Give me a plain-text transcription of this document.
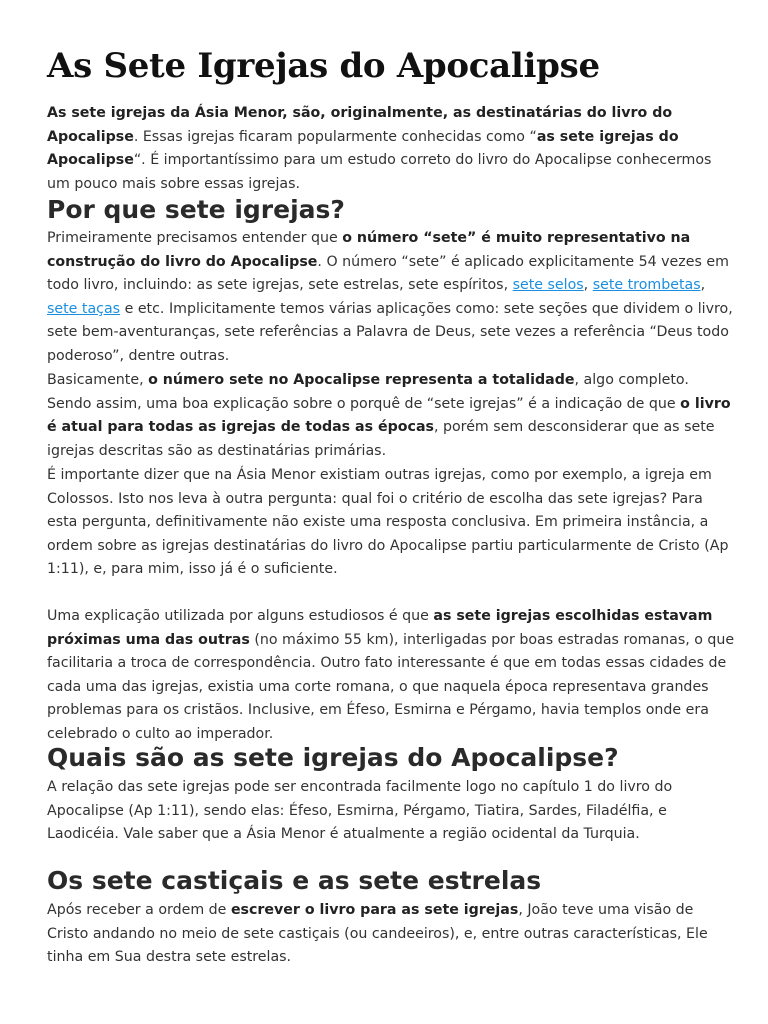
As Sete Igrejas do Apocalipse

As sete igrejas da Ásia Menor, são, originalmente, as destinatárias do livro do Apocalipse. Essas igrejas ficaram popularmente conhecidas como “as sete igrejas do Apocalipse“. É importantíssimo para um estudo correto do livro do Apocalipse conhecermos um pouco mais sobre essas igrejas.

Por que sete igrejas?

Primeiramente precisamos entender que o número “sete” é muito representativo na construção do livro do Apocalipse. O número “sete” é aplicado explicitamente 54 vezes em todo livro, incluindo: as sete igrejas, sete estrelas, sete espíritos, sete selos, sete trombetas, sete taças e etc. Implicitamente temos várias aplicações como: sete seções que dividem o livro, sete bem-aventuranças, sete referências a Palavra de Deus, sete vezes a referência “Deus todo poderoso”, dentre outras.

Basicamente, o número sete no Apocalipse representa a totalidade, algo completo. Sendo assim, uma boa explicação sobre o porquê de “sete igrejas” é a indicação de que o livro é atual para todas as igrejas de todas as épocas, porém sem desconsiderar que as sete igrejas descritas são as destinatárias primárias.

É importante dizer que na Ásia Menor existiam outras igrejas, como por exemplo, a igreja em Colossos. Isto nos leva à outra pergunta: qual foi o critério de escolha das sete igrejas? Para esta pergunta, definitivamente não existe uma resposta conclusiva. Em primeira instância, a ordem sobre as igrejas destinatárias do livro do Apocalipse partiu particularmente de Cristo (Ap 1:11), e, para mim, isso já é o suficiente.

Uma explicação utilizada por alguns estudiosos é que as sete igrejas escolhidas estavam próximas uma das outras (no máximo 55 km), interligadas por boas estradas romanas, o que facilitaria a troca de correspondência. Outro fato interessante é que em todas essas cidades de cada uma das igrejas, existia uma corte romana, o que naquela época representava grandes problemas para os cristãos. Inclusive, em Éfeso, Esmirna e Pérgamo, havia templos onde era celebrado o culto ao imperador.

Quais são as sete igrejas do Apocalipse?

A relação das sete igrejas pode ser encontrada facilmente logo no capítulo 1 do livro do Apocalipse (Ap 1:11), sendo elas: Éfeso, Esmirna, Pérgamo, Tiatira, Sardes, Filadélfia, e Laodicéia. Vale saber que a Ásia Menor é atualmente a região ocidental da Turquia.

Os sete castiçais e as sete estrelas

Após receber a ordem de escrever o livro para as sete igrejas, João teve uma visão de Cristo andando no meio de sete castiçais (ou candeeiros), e, entre outras características, Ele tinha em Sua destra sete estrelas.
